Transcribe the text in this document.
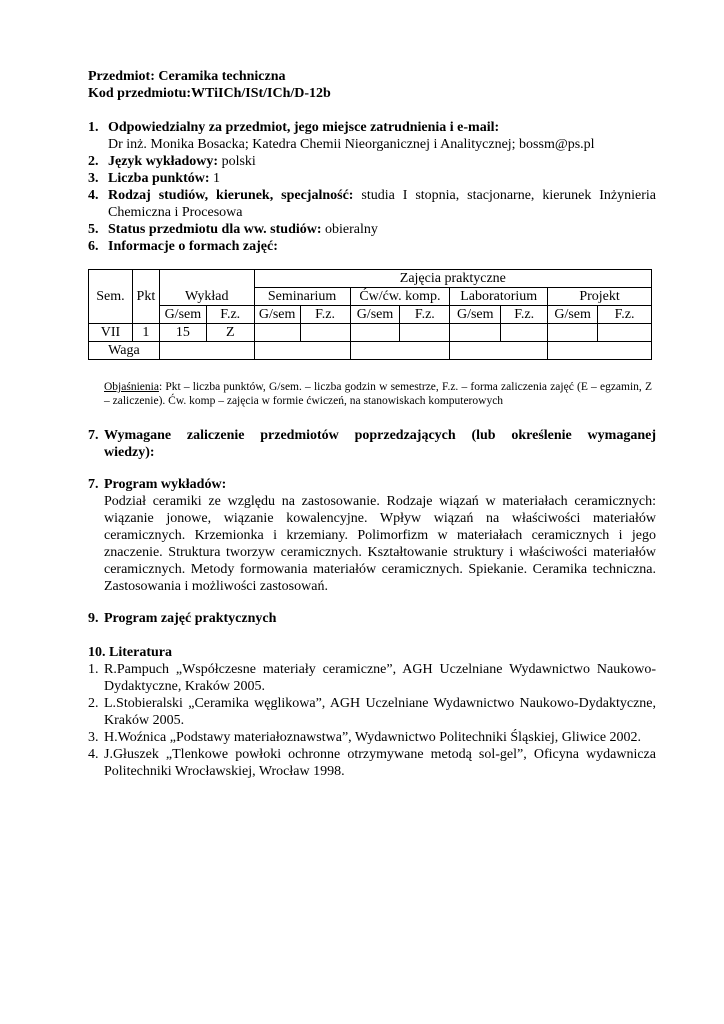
Przedmiot: Ceramika techniczna
Kod przedmiotu:WTiICh/ISt/ICh/D-12b
1. Odpowiedzialny za przedmiot, jego miejsce zatrudnienia i e-mail:
Dr inż. Monika Bosacka; Katedra Chemii Nieorganicznej i Analitycznej; bossm@ps.pl
2. Język wykładowy: polski
3. Liczba punktów: 1
4. Rodzaj studiów, kierunek, specjalność: studia I stopnia, stacjonarne, kierunek Inżynieria Chemiczna i Procesowa
5. Status przedmiotu dla ww. studiów: obieralny
6. Informacje o formach zajęć:
Sem.	Pkt	Wykład		Zajęcia praktyczne							
				Seminarium		Ćw/ćw. komp.		Laboratorium		Projekt	
		G/sem	F.z.	G/sem	F.z.	G/sem	F.z.	G/sem	F.z.	G/sem	F.z.
VII	1	15	Z								
Waga											
Objaśnienia: Pkt – liczba punktów, G/sem. – liczba godzin w semestrze, F.z. – forma zaliczenia zajęć (E – egzamin, Z – zaliczenie). Ćw. komp – zajęcia w formie ćwiczeń, na stanowiskach komputerowych
7. Wymagane zaliczenie przedmiotów poprzedzających (lub określenie wymaganej wiedzy):
7. Program wykładów:
Podział ceramiki ze względu na zastosowanie. Rodzaje wiązań w materiałach ceramicznych: wiązanie jonowe, wiązanie kowalencyjne. Wpływ wiązań na właściwości materiałów ceramicznych. Krzemionka i krzemiany. Polimorfizm w materiałach ceramicznych i jego znaczenie. Struktura tworzyw ceramicznych. Kształtowanie struktury i właściwości materiałów ceramicznych. Metody formowania materiałów ceramicznych. Spiekanie. Ceramika techniczna. Zastosowania i możliwości zastosowań.
9. Program zajęć praktycznych
10. Literatura
1. R.Pampuch „Współczesne materiały ceramiczne”, AGH Uczelniane Wydawnictwo Naukowo-Dydaktyczne, Kraków 2005.
2. L.Stobieralski „Ceramika węglikowa”, AGH Uczelniane Wydawnictwo Naukowo-Dydaktyczne, Kraków 2005.
3. H.Woźnica „Podstawy materiałoznawstwa”, Wydawnictwo Politechniki Śląskiej, Gliwice 2002.
4. J.Głuszek „Tlenkowe powłoki ochronne otrzymywane metodą sol-gel”, Oficyna wydawnicza Politechniki Wrocławskiej, Wrocław 1998.
